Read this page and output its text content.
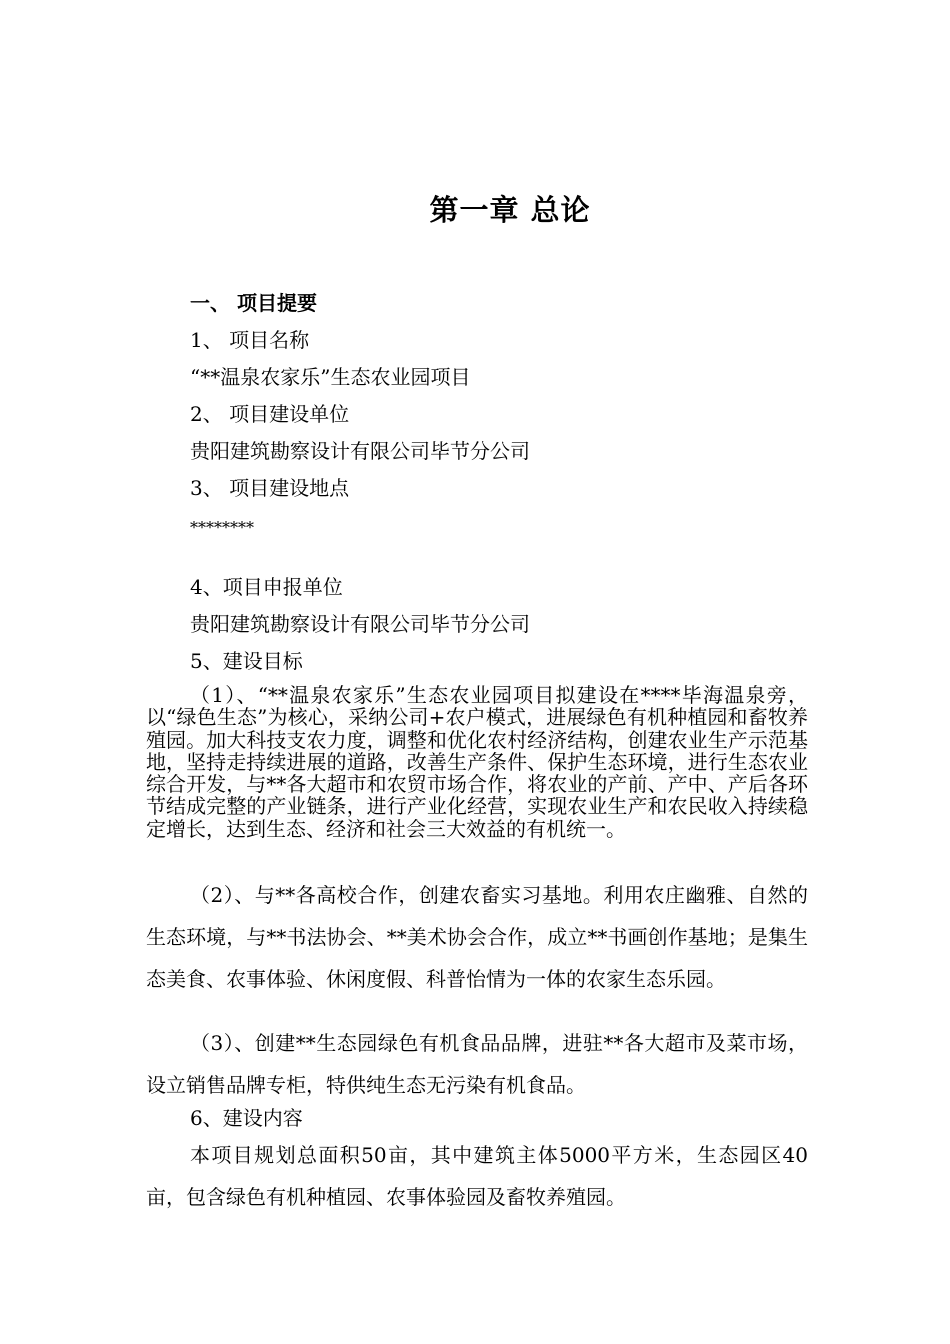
第一章 总论
一、 项目提要
1、 项目名称
“**温泉农家乐”生态农业园项目
2、 项目建设单位
贵阳建筑勘察设计有限公司毕节分公司
3、 项目建设地点
********
4、项目申报单位
贵阳建筑勘察设计有限公司毕节分公司
5、建设目标
（1）、“**温泉农家乐”生态农业园项目拟建设在****毕海温泉旁，以“绿色生态”为核心，采纳公司+农户模式，进展绿色有机种植园和畜牧养殖园。加大科技支农力度，调整和优化农村经济结构，创建农业生产示范基地，坚持走持续进展的道路，改善生产条件、保护生态环境，进行生态农业综合开发，与**各大超市和农贸市场合作，将农业的产前、产中、产后各环节结成完整的产业链条，进行产业化经营，实现农业生产和农民收入持续稳定增长，达到生态、经济和社会三大效益的有机统一。
（2）、与**各高校合作，创建农畜实习基地。利用农庄幽雅、自然的生态环境，与**书法协会、**美术协会合作，成立**书画创作基地；是集生态美食、农事体验、休闲度假、科普怡情为一体的农家生态乐园。
（3）、创建**生态园绿色有机食品品牌，进驻**各大超市及菜市场，设立销售品牌专柜，特供纯生态无污染有机食品。
6、建设内容
本项目规划总面积50亩，其中建筑主体5000平方米，生态园区40亩，包含绿色有机种植园、农事体验园及畜牧养殖园。
